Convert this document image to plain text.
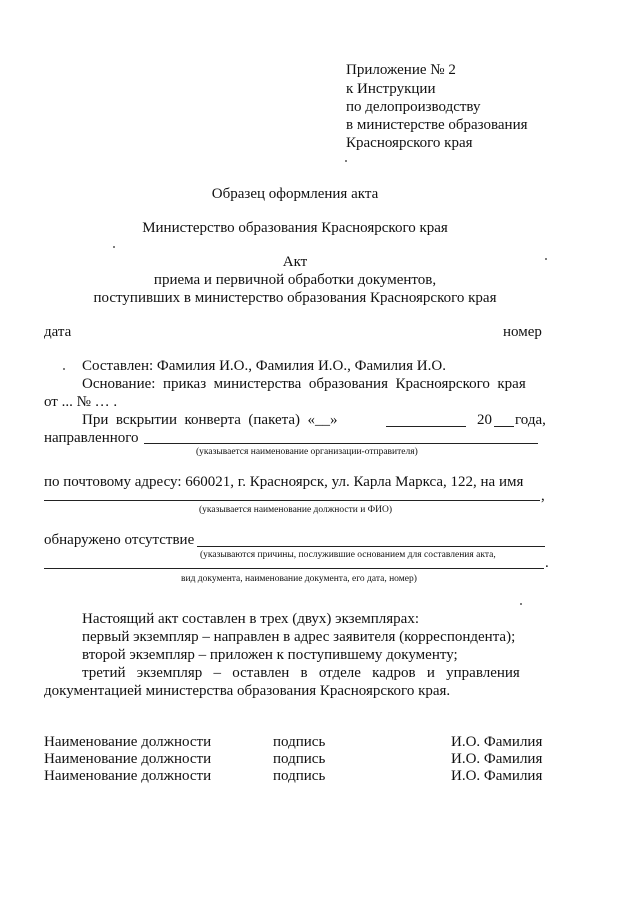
Приложение № 2
к Инструкции
по делопроизводству
в министерстве образования
Красноярского края
Образец оформления акта
Министерство образования Красноярского края
Акт
приема и первичной обработки документов,
поступивших в министерство образования Красноярского края
дата	номер
Составлен: Фамилия И.О., Фамилия И.О., Фамилия И.О.
Основание:  приказ  министерства  образования  Красноярского  края
от ... № … .
При  вскрытии  конверта  (пакета)  «__»	20 года,
направленного
(указывается наименование организации-отправителя)
по почтовому адресу: 660021, г. Красноярск, ул. Карла Маркса, 122, на имя
,
(указывается наименование должности и ФИО)
обнаружено отсутствие
(указываются причины, послужившие основанием для составления акта,	.
вид документа, наименование документа, его дата, номер)
Настоящий акт составлен в трех (двух) экземплярах:
первый экземпляр – направлен в адрес заявителя (корреспондента);
второй экземпляр – приложен к поступившему документу;
третий   экземпляр   –   оставлен   в   отделе   кадров   и   управления
документацией министерства образования Красноярского края.
Наименование должности	подпись	И.О. Фамилия
Наименование должности	подпись	И.О. Фамилия
Наименование должности	подпись	И.О. Фамилия
